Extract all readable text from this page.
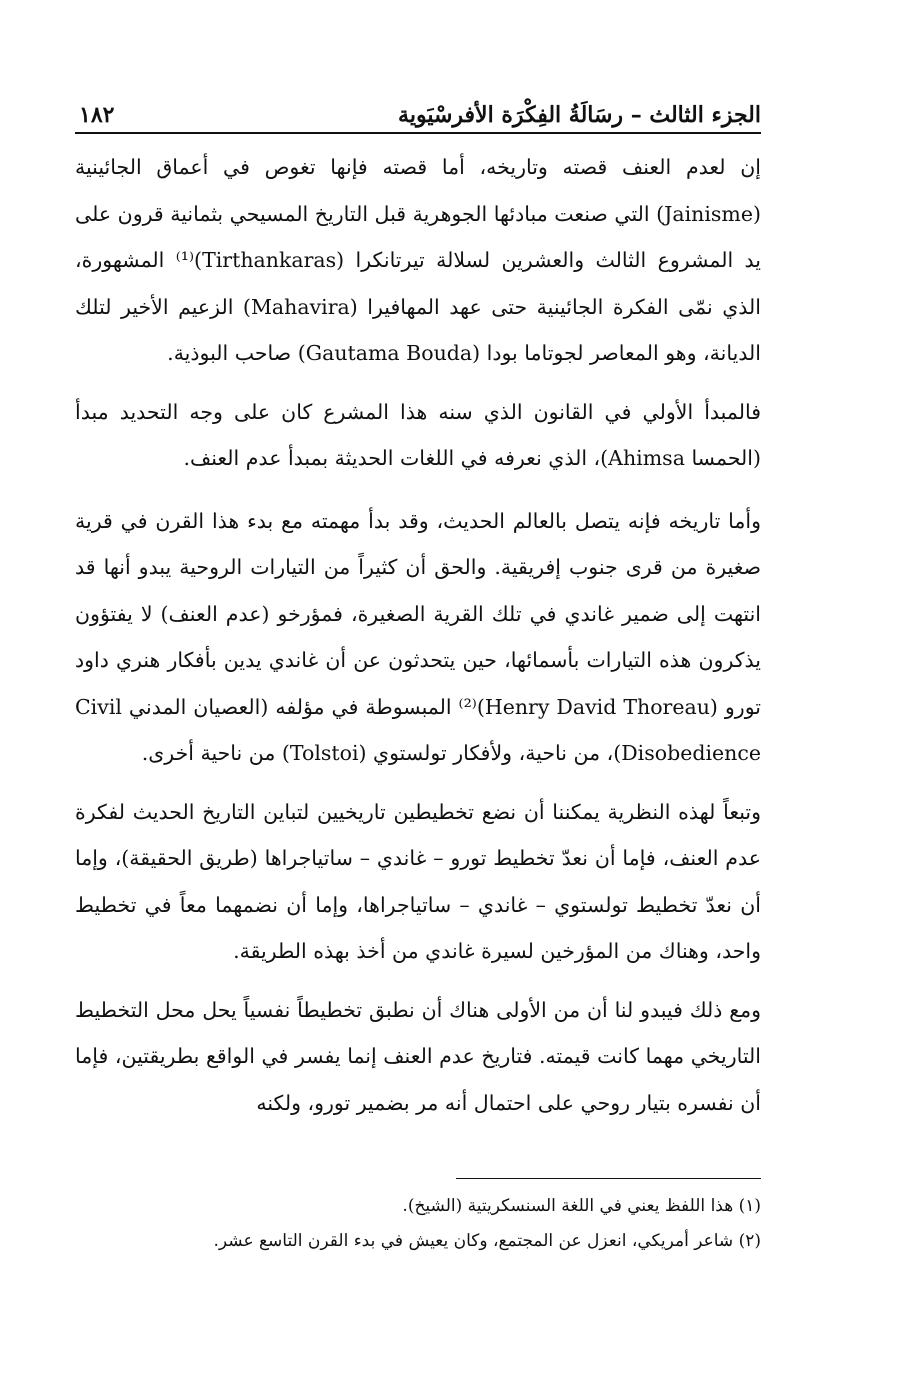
الجزء الثالث – رسَالَةُ الفِكْرَة الأفرسْيَوية
١٨٢

إن لعدم العنف قصته وتاريخه، أما قصته فإنها تغوص في أعماق الجائينية (Jainisme) التي صنعت مبادئها الجوهرية قبل التاريخ المسيحي بثمانية قرون على يد المشروع الثالث والعشرين لسلالة تيرتانكرا (Tirthankaras)⁽¹⁾ المشهورة، الذي نمّى الفكرة الجائينية حتى عهد المهافيرا (Mahavira) الزعيم الأخير لتلك الديانة، وهو المعاصر لجوتاما بودا (Gautama Bouda) صاحب البوذية.

فالمبدأ الأولي في القانون الذي سنه هذا المشرع كان على وجه التحديد مبدأ (الحمسا Ahimsa)، الذي نعرفه في اللغات الحديثة بمبدأ عدم العنف.

وأما تاريخه فإنه يتصل بالعالم الحديث، وقد بدأ مهمته مع بدء هذا القرن في قرية صغيرة من قرى جنوب إفريقية. والحق أن كثيراً من التيارات الروحية يبدو أنها قد انتهت إلى ضمير غاندي في تلك القرية الصغيرة، فمؤرخو (عدم العنف) لا يفتؤون يذكرون هذه التيارات بأسمائها، حين يتحدثون عن أن غاندي يدين بأفكار هنري داود تورو (Henry David Thoreau)⁽²⁾ المبسوطة في مؤلفه (العصيان المدني Civil Disobedience)، من ناحية، ولأفكار تولستوي (Tolstoi) من ناحية أخرى.

وتبعاً لهذه النظرية يمكننا أن نضع تخطيطين تاريخيين لتباين التاريخ الحديث لفكرة عدم العنف، فإما أن نعدّ تخطيط تورو – غاندي – ساتياجراها (طريق الحقيقة)، وإما أن نعدّ تخطيط تولستوي – غاندي – ساتياجراها، وإما أن نضمهما معاً في تخطيط واحد، وهناك من المؤرخين لسيرة غاندي من أخذ بهذه الطريقة.

ومع ذلك فيبدو لنا أن من الأولى هناك أن نطبق تخطيطاً نفسياً يحل محل التخطيط التاريخي مهما كانت قيمته. فتاريخ عدم العنف إنما يفسر في الواقع بطريقتين، فإما أن نفسره بتيار روحي على احتمال أنه مر بضمير تورو، ولكنه

(١) هذا اللفظ يعني في اللغة السنسكريتية (الشيخ).

(٢) شاعر أمريكي، انعزل عن المجتمع، وكان يعيش في بدء القرن التاسع عشر.
